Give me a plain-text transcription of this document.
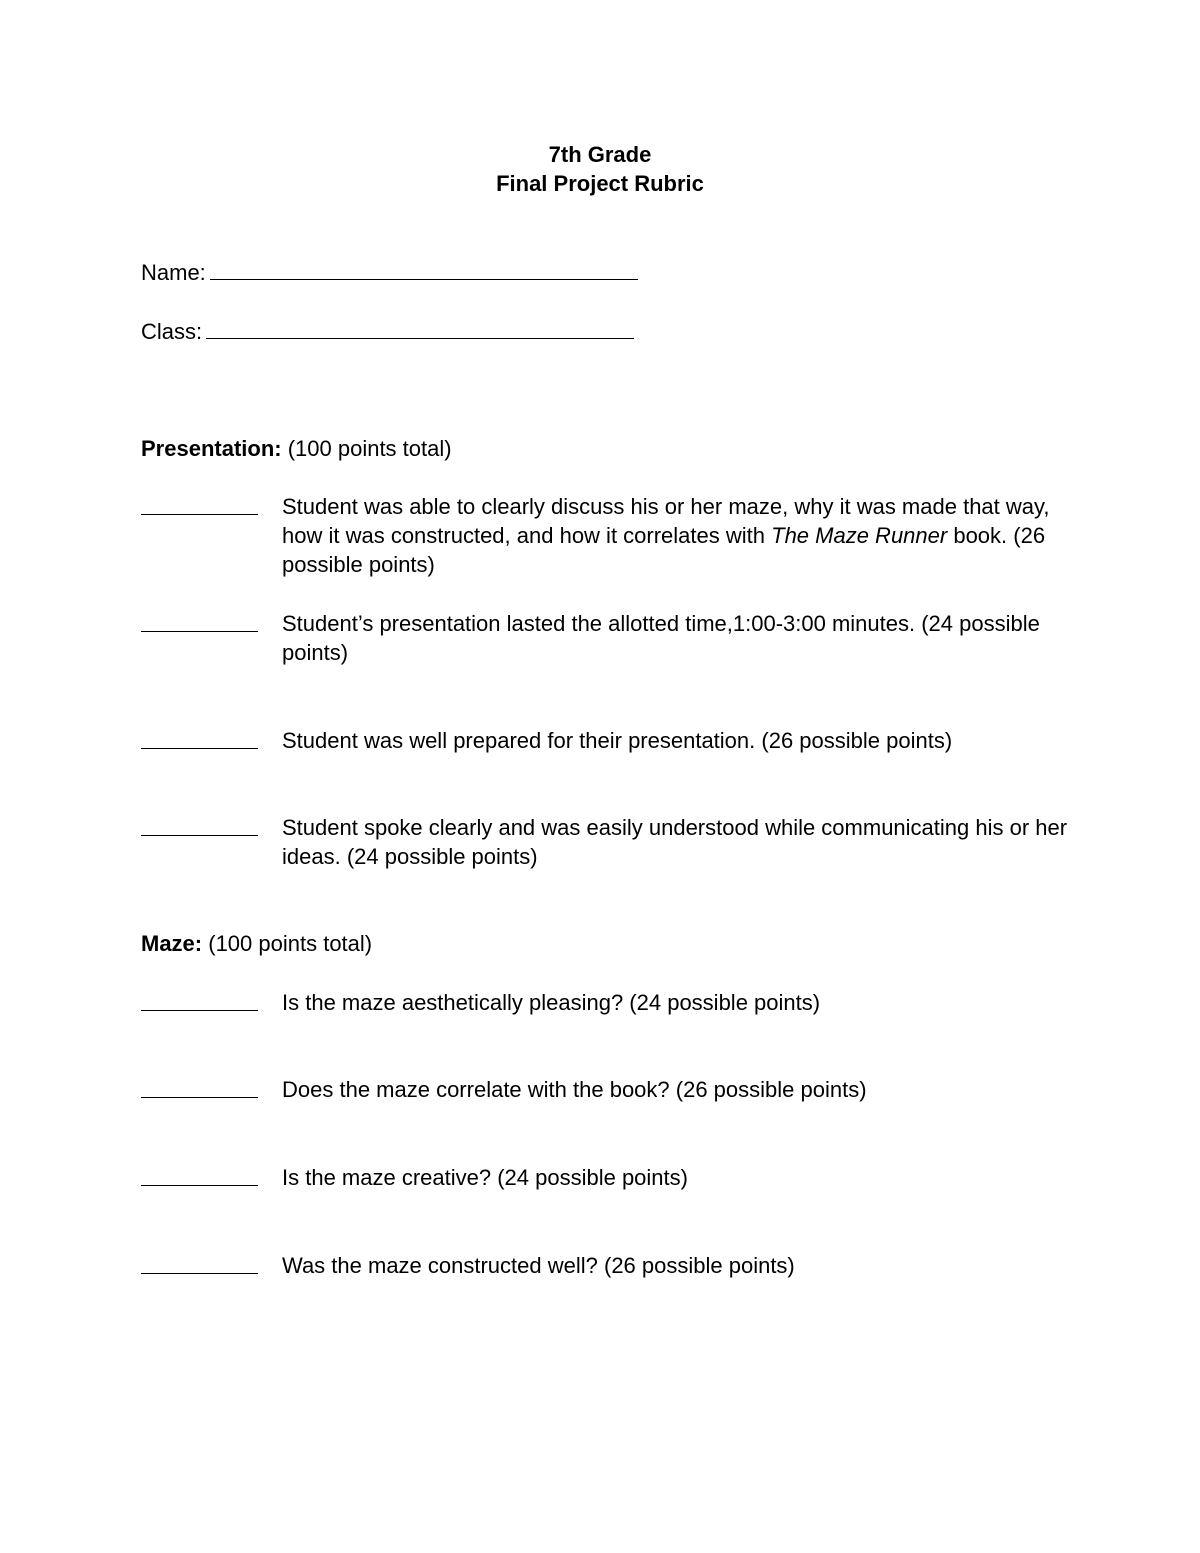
7th Grade
Final Project Rubric
Name:
Class:
Presentation: (100 points total)
Student was able to clearly discuss his or her maze, why it was made that way, how it was constructed, and how it correlates with The Maze Runner book. (26 possible points)
Student’s presentation lasted the allotted time,1:00-3:00 minutes. (24 possible points)
Student was well prepared for their presentation. (26 possible points)
Student spoke clearly and was easily understood while communicating his or her ideas. (24 possible points)
Maze: (100 points total)
Is the maze aesthetically pleasing? (24 possible points)
Does the maze correlate with the book? (26 possible points)
Is the maze creative? (24 possible points)
Was the maze constructed well? (26 possible points)
